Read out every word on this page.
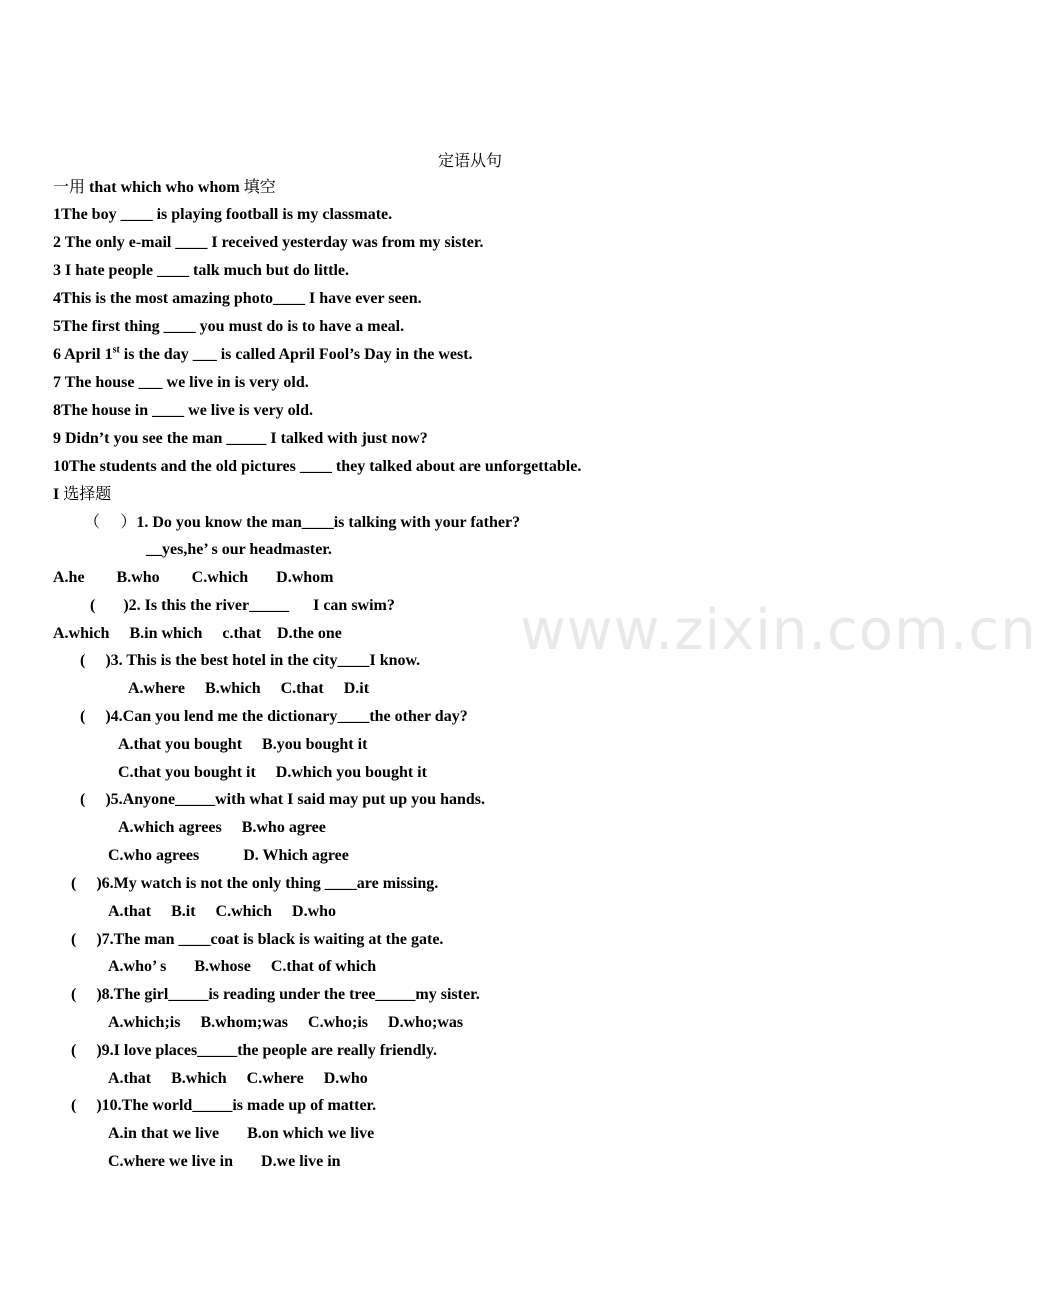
定语从句
一用 that which who whom 填空
1The boy ____ is playing football is my classmate.
2 The only e-mail ____ I received yesterday was from my sister.
3 I hate people ____ talk much but do little.
4This is the most amazing photo____ I have ever seen.
5The first thing ____ you must do is to have a meal.
6 April 1st is the day ___ is called April Fool’s Day in the west.
7 The house ___ we live in is very old.
8The house in ____ we live is very old.
9 Didn’t you see the man _____ I talked with just now?
10The students and the old pictures ____ they talked about are unforgettable.
I 选择题
（    ）1. Do you know the man____is talking with your father?
__yes,he’ s our headmaster.
A.he        B.who        C.which       D.whom
(       )2. Is this the river_____      I can swim?
A.which     B.in which     c.that    D.the one
(     )3. This is the best hotel in the city____I know.
A.where     B.which     C.that     D.it
(     )4.Can you lend me the dictionary____the other day?
A.that you bought     B.you bought it
C.that you bought it     D.which you bought it
(     )5.Anyone_____with what I said may put up you hands.
A.which agrees     B.who agree
C.who agrees           D. Which agree
(     )6.My watch is not the only thing ____are missing.
A.that     B.it     C.which     D.who
(     )7.The man ____coat is black is waiting at the gate.
A.who’ s       B.whose     C.that of which
(     )8.The girl_____is reading under the tree_____my sister.
A.which;is     B.whom;was     C.who;is     D.who;was
(     )9.I love places_____the people are really friendly.
A.that     B.which     C.where     D.who
(     )10.The world_____is made up of matter.
A.in that we live       B.on which we live
C.where we live in       D.we live in
www.zixin.com.cn
